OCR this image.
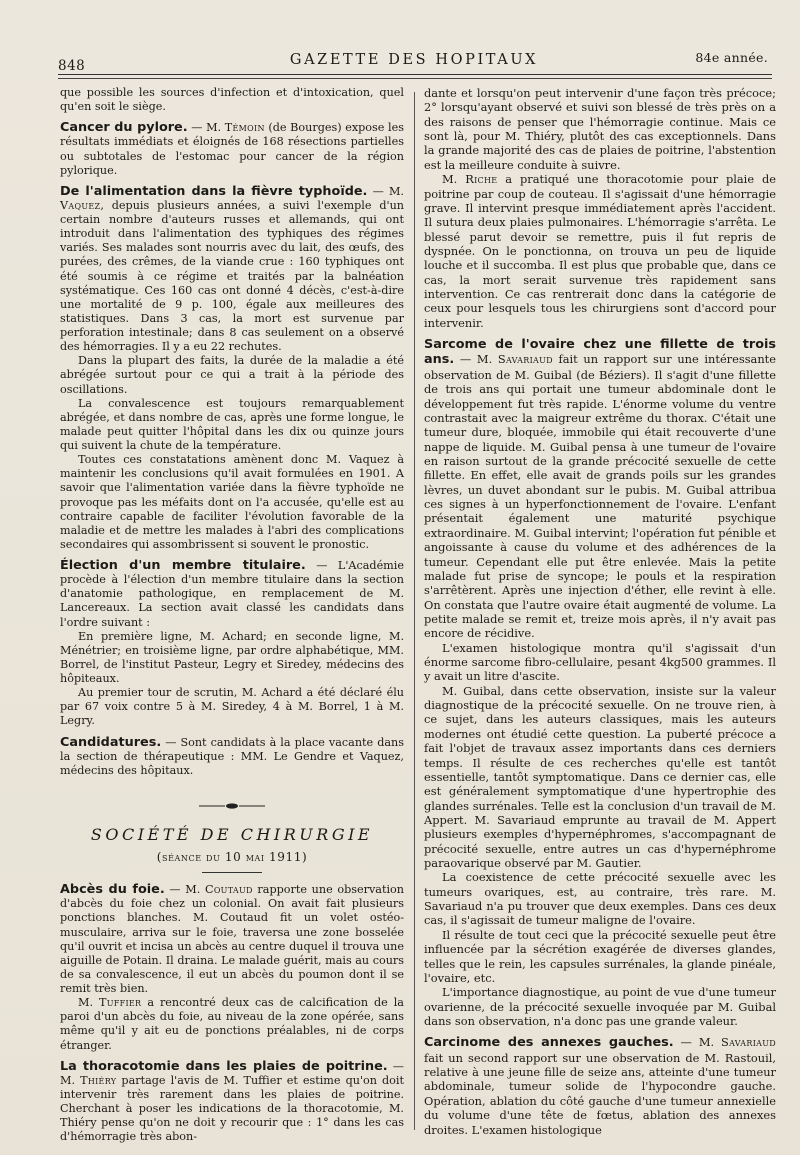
848	GAZETTE DES HOPITAUX	84e année.

que possible les sources d'infection et d'intoxication, quel qu'en soit le siège.

Cancer du pylore. — M. Témoin (de Bourges) expose les résultats immédiats et éloignés de 168 résections partielles ou subtotales de l'estomac pour cancer de la région pylorique.

De l'alimentation dans la fièvre typhoïde. — M. Vaquez, depuis plusieurs années, a suivi l'exemple d'un certain nombre d'auteurs russes et allemands, qui ont introduit dans l'alimentation des typhiques des régimes variés. Ses malades sont nourris avec du lait, des œufs, des purées, des crêmes, de la viande crue : 160 typhiques ont été soumis à ce régime et traités par la balnéation systématique. Ces 160 cas ont donné 4 décès, c'est-à-dire une mortalité de 9 p. 100, égale aux meilleures des statistiques. Dans 3 cas, la mort est survenue par perforation intestinale; dans 8 cas seulement on a observé des hémorragies. Il y a eu 22 rechutes.

Dans la plupart des faits, la durée de la maladie a été abrégée surtout pour ce qui a trait à la période des oscillations.

La convalescence est toujours remarquablement abrégée, et dans nombre de cas, après une forme longue, le malade peut quitter l'hôpital dans les dix ou quinze jours qui suivent la chute de la température.

Toutes ces constatations amènent donc M. Vaquez à maintenir les conclusions qu'il avait formulées en 1901. A savoir que l'alimentation variée dans la fièvre typhoïde ne provoque pas les méfaits dont on l'a accusée, qu'elle est au contraire capable de faciliter l'évolution favorable de la maladie et de mettre les malades à l'abri des complications secondaires qui assombrissent si souvent le pronostic.

Élection d'un membre titulaire. — L'Académie procède à l'élection d'un membre titulaire dans la section d'anatomie pathologique, en remplacement de M. Lancereaux. La section avait classé les candidats dans l'ordre suivant :

En première ligne, M. Achard; en seconde ligne, M. Ménétrier; en troisième ligne, par ordre alphabétique, MM. Borrel, de l'institut Pasteur, Legry et Siredey, médecins des hôpiteaux.

Au premier tour de scrutin, M. Achard a été déclaré élu par 67 voix contre 5 à M. Siredey, 4 à M. Borrel, 1 à M. Legry.

Candidatures. — Sont candidats à la place vacante dans la section de thérapeutique : MM. Le Gendre et Vaquez, médecins des hôpitaux.

SOCIÉTÉ DE CHIRURGIE
(séance du 10 mai 1911)

Abcès du foie. — M. Coutaud rapporte une observation d'abcès du foie chez un colonial. On avait fait plusieurs ponctions blanches. M. Coutaud fit un volet ostéo-musculaire, arriva sur le foie, traversa une zone bosselée qu'il ouvrit et incisa un abcès au centre duquel il trouva une aiguille de Potain. Il draina. Le malade guérit, mais au cours de sa convalescence, il eut un abcès du poumon dont il se remit très bien.

M. Tuffier a rencontré deux cas de calcification de la paroi d'un abcès du foie, au niveau de la zone opérée, sans même qu'il y ait eu de ponctions préalables, ni de corps étranger.

La thoracotomie dans les plaies de poitrine. — M. Thiéry partage l'avis de M. Tuffier et estime qu'on doit intervenir très rarement dans les plaies de poitrine. Cherchant à poser les indications de la thoracotomie, M. Thiéry pense qu'on ne doit y recourir que : 1° dans les cas d'hémorragie très abon-

dante et lorsqu'on peut intervenir d'une façon très précoce; 2° lorsqu'ayant observé et suivi son blessé de très près on a des raisons de penser que l'hémorragie continue. Mais ce sont là, pour M. Thiéry, plutôt des cas exceptionnels. Dans la grande majorité des cas de plaies de poitrine, l'abstention est la meilleure conduite à suivre.

M. Riche a pratiqué une thoracotomie pour plaie de poitrine par coup de couteau. Il s'agissait d'une hémorragie grave. Il intervint presque immédiatement après l'accident. Il sutura deux plaies pulmonaires. L'hémorragie s'arrêta. Le blessé parut devoir se remettre, puis il fut repris de dyspnée. On le ponctionna, on trouva un peu de liquide louche et il succomba. Il est plus que probable que, dans ce cas, la mort serait survenue très rapidement sans intervention. Ce cas rentrerait donc dans la catégorie de ceux pour lesquels tous les chirurgiens sont d'accord pour intervenir.

Sarcome de l'ovaire chez une fillette de trois ans. — M. Savariaud fait un rapport sur une intéressante observation de M. Guibal (de Béziers). Il s'agit d'une fillette de trois ans qui portait une tumeur abdominale dont le développement fut très rapide. L'énorme volume du ventre contrastait avec la maigreur extrême du thorax. C'était une tumeur dure, bloquée, immobile qui était recouverte d'une nappe de liquide. M. Guibal pensa à une tumeur de l'ovaire en raison surtout de la grande précocité sexuelle de cette fillette. En effet, elle avait de grands poils sur les grandes lèvres, un duvet abondant sur le pubis. M. Guibal attribua ces signes à un hyperfonctionnement de l'ovaire. L'enfant présentait également une maturité psychique extraordinaire. M. Guibal intervint; l'opération fut pénible et angoissante à cause du volume et des adhérences de la tumeur. Cependant elle put être enlevée. Mais la petite malade fut prise de syncope; le pouls et la respiration s'arrêtèrent. Après une injection d'éther, elle revint à elle. On constata que l'autre ovaire était augmenté de volume. La petite malade se remit et, treize mois après, il n'y avait pas encore de récidive.

L'examen histologique montra qu'il s'agissait d'un énorme sarcome fibro-cellulaire, pesant 4kg500 grammes. Il y avait un litre d'ascite.

M. Guibal, dans cette observation, insiste sur la valeur diagnostique de la précocité sexuelle. On ne trouve rien, à ce sujet, dans les auteurs classiques, mais les auteurs modernes ont étudié cette question. La puberté précoce a fait l'objet de travaux assez importants dans ces derniers temps. Il résulte de ces recherches qu'elle est tantôt essentielle, tantôt symptomatique. Dans ce dernier cas, elle est généralement symptomatique d'une hypertrophie des glandes surrénales. Telle est la conclusion d'un travail de M. Appert. M. Savariaud emprunte au travail de M. Appert plusieurs exemples d'hypernéphromes, s'accompagnant de précocité sexuelle, entre autres un cas d'hypernéphrome paraovarique observé par M. Gautier.

La coexistence de cette précocité sexuelle avec les tumeurs ovariques, est, au contraire, très rare. M. Savariaud n'a pu trouver que deux exemples. Dans ces deux cas, il s'agissait de tumeur maligne de l'ovaire.

Il résulte de tout ceci que la précocité sexuelle peut être influencée par la sécrétion exagérée de diverses glandes, telles que le rein, les capsules surrénales, la glande pinéale, l'ovaire, etc.

L'importance diagnostique, au point de vue d'une tumeur ovarienne, de la précocité sexuelle invoquée par M. Guibal dans son observation, n'a donc pas une grande valeur.

Carcinome des annexes gauches. — M. Savariaud fait un second rapport sur une observation de M. Rastouil, relative à une jeune fille de seize ans, atteinte d'une tumeur abdominale, tumeur solide de l'hypocondre gauche. Opération, ablation du côté gauche d'une tumeur annexielle du volume d'une tête de fœtus, ablation des annexes droites. L'examen histologique
